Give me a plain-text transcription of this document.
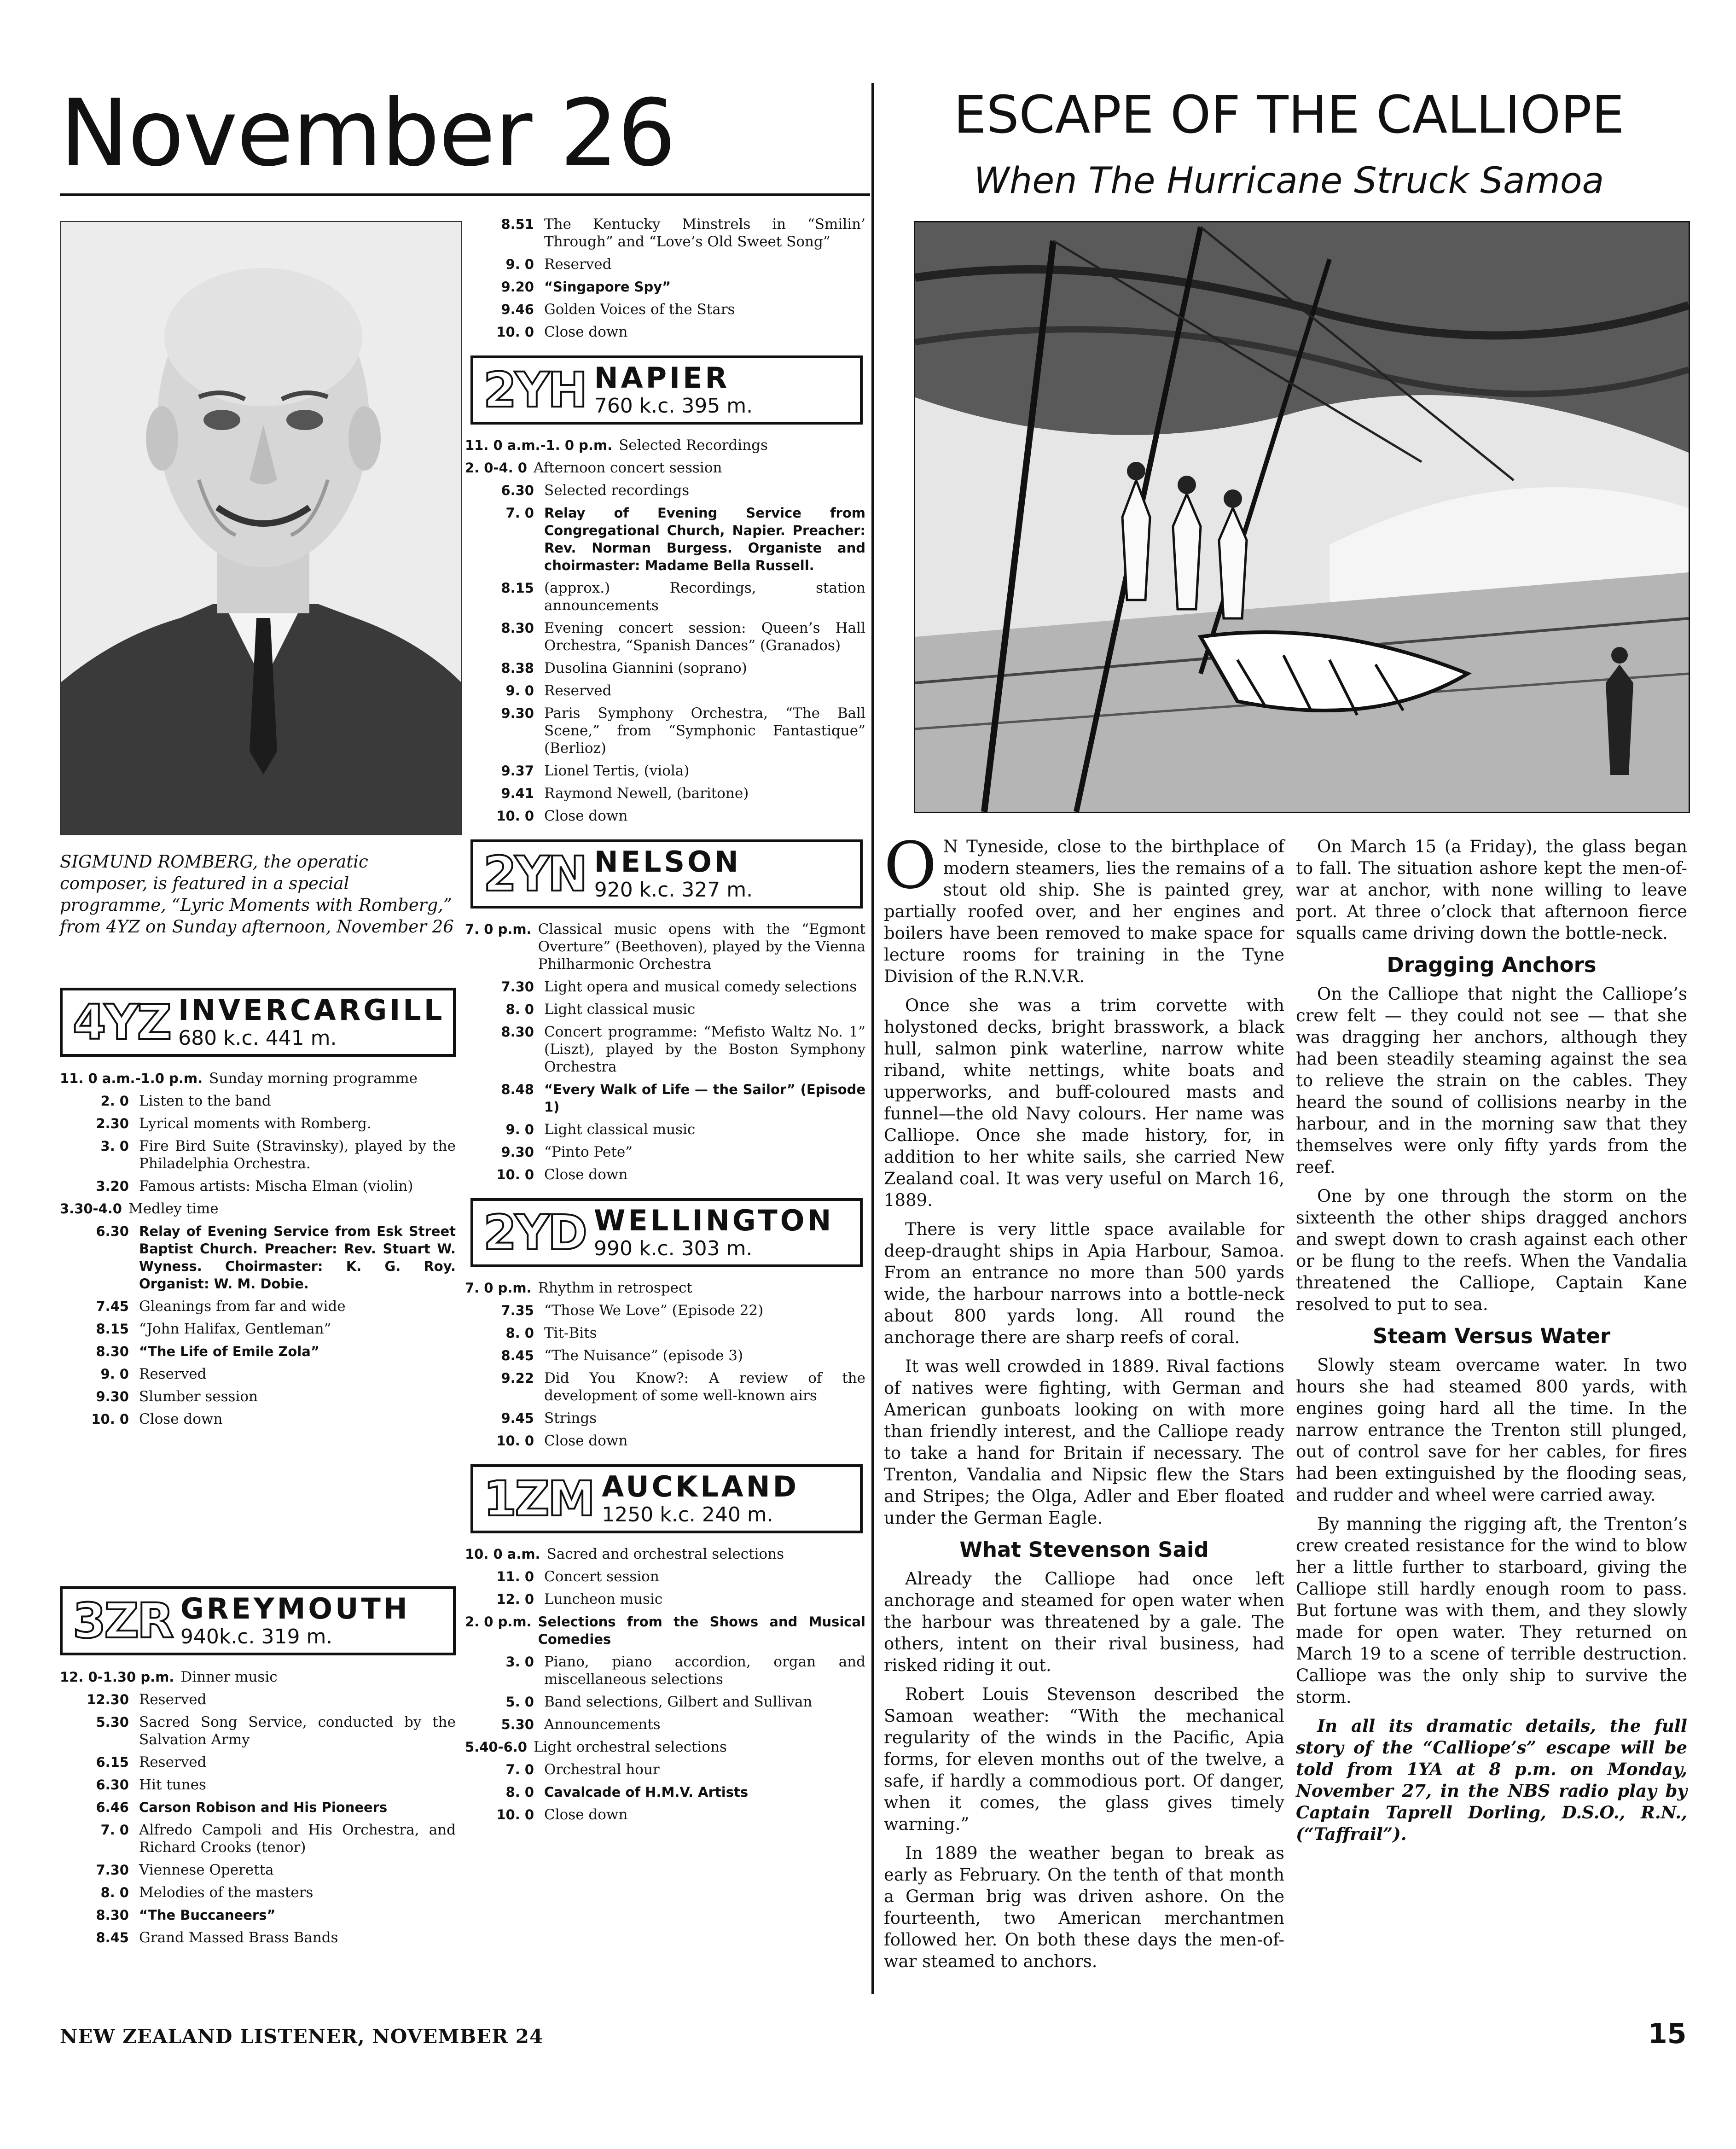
November 26
SIGMUND ROMBERG, the operatic composer, is featured in a special programme, “Lyric Moments with Romberg,” from 4YZ on Sunday afternoon, November 26
4YZ INVERCARGILL
680 k.c. 441 m.
11. 0 a.m.-1.0 p.m. Sunday morning programme
2. 0 Listen to the band
2.30 Lyrical moments with Romberg.
3. 0 Fire Bird Suite (Stravinsky), played by the Philadelphia Orchestra.
3.20 Famous artists: Mischa Elman (violin)
3.30-4.0 Medley time
6.30 Relay of Evening Service from Esk Street Baptist Church. Preacher: Rev. Stuart W. Wyness. Choirmaster: K. G. Roy. Organist: W. M. Dobie.
7.45 Gleanings from far and wide
8.15 “John Halifax, Gentleman”
8.30 “The Life of Emile Zola”
9. 0 Reserved
9.30 Slumber session
10. 0 Close down
3ZR GREYMOUTH
940k.c. 319 m.
12. 0-1.30 p.m. Dinner music
12.30 Reserved
5.30 Sacred Song Service, conducted by the Salvation Army
6.15 Reserved
6.30 Hit tunes
6.46 Carson Robison and His Pioneers
7. 0 Alfredo Campoli and His Orchestra, and Richard Crooks (tenor)
7.30 Viennese Operetta
8. 0 Melodies of the masters
8.30 “The Buccaneers”
8.45 Grand Massed Brass Bands
8.51 The Kentucky Minstrels in “Smilin’ Through” and “Love’s Old Sweet Song”
9. 0 Reserved
9.20 “Singapore Spy”
9.46 Golden Voices of the Stars
10. 0 Close down
2YH NAPIER
760 k.c. 395 m.
11. 0 a.m.-1. 0 p.m. Selected Recordings
2. 0-4. 0 Afternoon concert session
6.30 Selected recordings
7. 0 Relay of Evening Service from Congregational Church, Napier. Preacher: Rev. Norman Burgess. Organiste and choirmaster: Madame Bella Russell.
8.15 (approx.) Recordings, station announcements
8.30 Evening concert session: Queen’s Hall Orchestra, “Spanish Dances” (Granados)
8.38 Dusolina Giannini (soprano)
9. 0 Reserved
9.30 Paris Symphony Orchestra, “The Ball Scene,” from “Symphonic Fantastique” (Berlioz)
9.37 Lionel Tertis, (viola)
9.41 Raymond Newell, (baritone)
10. 0 Close down
2YN NELSON
920 k.c. 327 m.
7. 0 p.m. Classical music opens with the “Egmont Overture” (Beethoven), played by the Vienna Philharmonic Orchestra
7.30 Light opera and musical comedy selections
8. 0 Light classical music
8.30 Concert programme: “Mefisto Waltz No. 1” (Liszt), played by the Boston Symphony Orchestra
8.48 “Every Walk of Life — the Sailor” (Episode 1)
9. 0 Light classical music
9.30 “Pinto Pete”
10. 0 Close down
2YD WELLINGTON
990 k.c. 303 m.
7. 0 p.m. Rhythm in retrospect
7.35 “Those We Love” (Episode 22)
8. 0 Tit-Bits
8.45 “The Nuisance” (episode 3)
9.22 Did You Know?: A review of the development of some well-known airs
9.45 Strings
10. 0 Close down
1ZM AUCKLAND
1250 k.c. 240 m.
10. 0 a.m. Sacred and orchestral selections
11. 0 Concert session
12. 0 Luncheon music
2. 0 p.m. Selections from the Shows and Musical Comedies
3. 0 Piano, piano accordion, organ and miscellaneous selections
5. 0 Band selections, Gilbert and Sullivan
5.30 Announcements
5.40-6.0 Light orchestral selections
7. 0 Orchestral hour
8. 0 Cavalcade of H.M.V. Artists
10. 0 Close down
ESCAPE OF THE CALLIOPE
When The Hurricane Struck Samoa

O N Tyneside, close to the birthplace of modern steamers, lies the remains of a stout old ship. She is painted grey, partially roofed over, and her engines and boilers have been removed to make space for lecture rooms for training in the Tyne Division of the R.N.V.R.

Once she was a trim corvette with holystoned decks, bright brasswork, a black hull, salmon pink waterline, narrow white riband, white nettings, white boats and upperworks, and buff-coloured masts and funnel—the old Navy colours. Her name was Calliope. Once she made history, for, in addition to her white sails, she carried New Zealand coal. It was very useful on March 16, 1889.

There is very little space available for deep-draught ships in Apia Harbour, Samoa. From an entrance no more than 500 yards wide, the harbour narrows into a bottle-neck about 800 yards long. All round the anchorage there are sharp reefs of coral.

It was well crowded in 1889. Rival factions of natives were fighting, with German and American gunboats looking on with more than friendly interest, and the Calliope ready to take a hand for Britain if necessary. The Trenton, Vandalia and Nipsic flew the Stars and Stripes; the Olga, Adler and Eber floated under the German Eagle.

What Stevenson Said

Already the Calliope had once left anchorage and steamed for open water when the harbour was threatened by a gale. The others, intent on their rival business, had risked riding it out.

Robert Louis Stevenson described the Samoan weather: “With the mechanical regularity of the winds in the Pacific, Apia forms, for eleven months out of the twelve, a safe, if hardly a commodious port. Of danger, when it comes, the glass gives timely warning.”

In 1889 the weather began to break as early as February. On the tenth of that month a German brig was driven ashore. On the fourteenth, two American merchantmen followed her. On both these days the men-of-war steamed to anchors.

On March 15 (a Friday), the glass began to fall. The situation ashore kept the men-of-war at anchor, with none willing to leave port. At three o’clock that afternoon fierce squalls came driving down the bottle-neck.

Dragging Anchors

On the Calliope that night the Calliope’s crew felt — they could not see — that she was dragging her anchors, although they had been steadily steaming against the sea to relieve the strain on the cables. They heard the sound of collisions nearby in the harbour, and in the morning saw that they themselves were only fifty yards from the reef.

One by one through the storm on the sixteenth the other ships dragged anchors and swept down to crash against each other or be flung to the reefs. When the Vandalia threatened the Calliope, Captain Kane resolved to put to sea.

Steam Versus Water

Slowly steam overcame water. In two hours she had steamed 800 yards, with engines going hard all the time. In the narrow entrance the Trenton still plunged, out of control save for her cables, for fires had been extinguished by the flooding seas, and rudder and wheel were carried away.

By manning the rigging aft, the Trenton’s crew created resistance for the wind to blow her a little further to starboard, giving the Calliope still hardly enough room to pass. But fortune was with them, and they slowly made for open water. They returned on March 19 to a scene of terrible destruction. Calliope was the only ship to survive the storm.

In all its dramatic details, the full story of the “Calliope’s” escape will be told from 1YA at 8 p.m. on Monday, November 27, in the NBS radio play by Captain Taprell Dorling, D.S.O., R.N., (“Taffrail”).

NEW ZEALAND LISTENER, NOVEMBER 24	15
